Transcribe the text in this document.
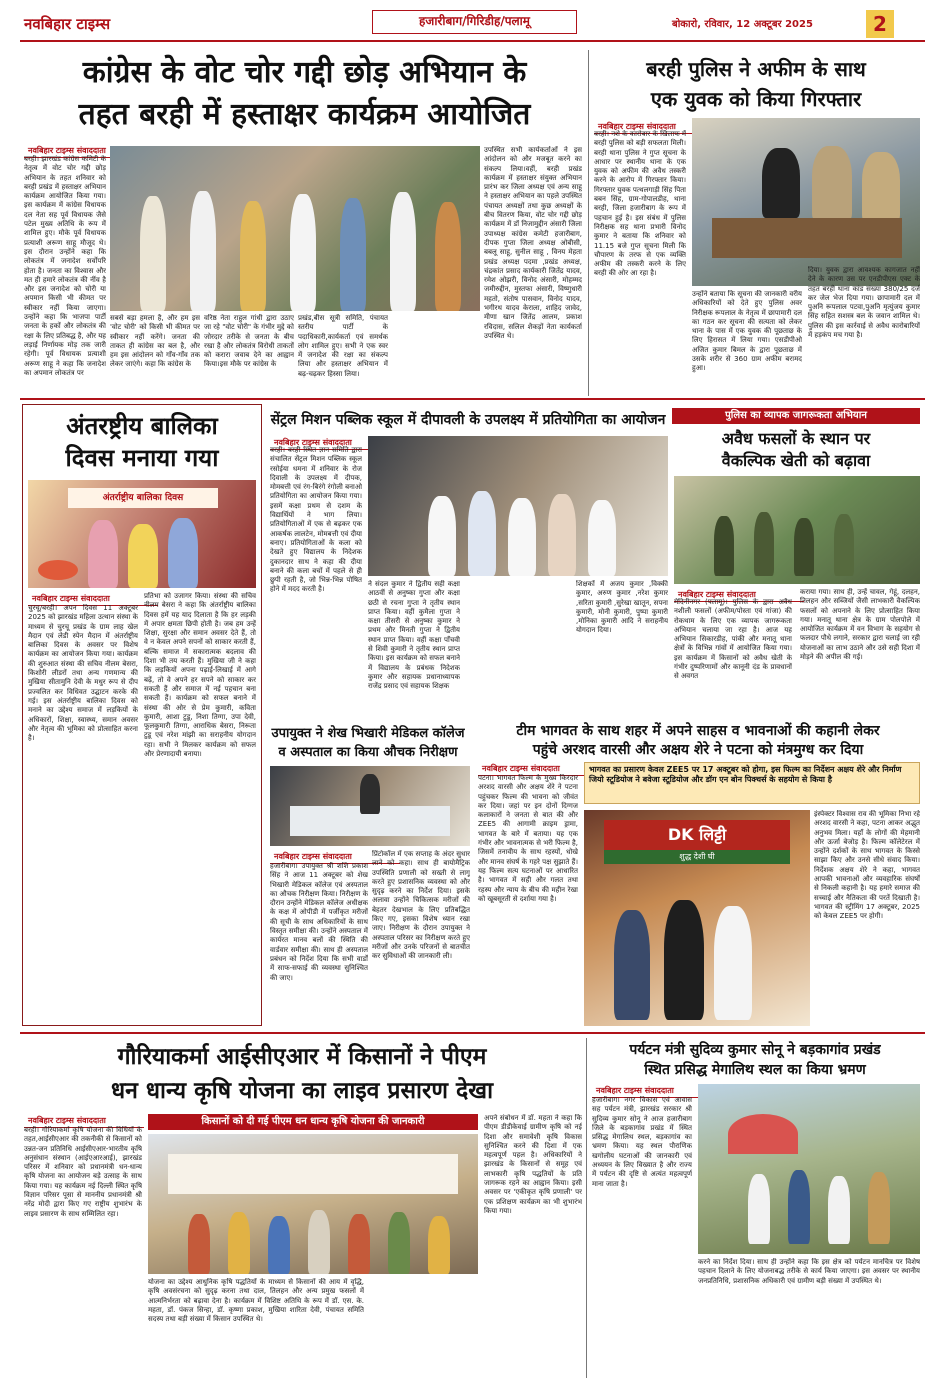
नवबिहार टाइम्स	हजारीबाग/गिरिडीह/पलामू	बोकारो, रविवार, 12 अक्टूबर 2025	2
कांग्रेस के वोट चोर गद्दी छोड़ अभियान के
तहत बरही में हस्ताक्षर कार्यक्रम आयोजित
नवबिहार टाइम्स संवाददाता
बरही। झारखंड कांग्रेस कमिटी के नेतृत्व में वोट चोर गद्दी छोड़ अभियान के तहत शनिवार को बरही प्रखंड में हस्ताक्षर अभियान कार्यक्रम आयोजित किया गया।इस कार्यक्रम में कांग्रेस विधायक दल नेता सह पूर्व विधायक जैसे पटेल मुख्य अतिथि के रूप में शामिल हुए। मौके पूर्व विधायक प्रत्याशी अरूण साहू मौजूद थे।इस दौरान उन्होंने कहा कि लोकतंत्र में जनादेश सर्वोपरि होता है। जनता का विश्वास और मत ही हमारे लोकतंत्र की नींव है और इस जनादेश को चोरी या अपमान किसी भी कीमत पर स्वीकार नहीं किया जाएगा। उन्होंने कहा कि भाजपा पार्टी जनता के हकों और लोकतंत्र की रक्षा के लिए प्रतिबद्ध है, और यह लड़ाई निर्णायक मोड़ तक जारी रहेगी। पूर्व विधायक प्रत्याशी अरूण साहू ने कहा कि जनादेश का अपमान लोकतंत्र पर
सबसे बड़ा हमला है, और हम इस 'वोट चोरी' को किसी भी कीमत पर स्वीकार नहीं करेंगे। जनता की ताकत ही कांग्रेस का बल है, और हम इस आंदोलन को गाँव-गाँव तक लेकर जाएंगे। कहा कि कांग्रेस के
वरिष्ठ नेता राहुल गांधी द्वारा उठाए जा रहे "वोट चोरी" के गंभीर मुद्दे को जोरदार तरीके से जनता के बीच रखा है और लोकतंत्र विरोधी ताकतों को करारा जवाब देने का आह्वान किया।इस मौके पर कांग्रेस के
प्रखंड,बीस सूत्री समिति, पंचायत स्तरीय पार्टी के पदाधिकारी,कार्यकर्ता एवं समर्थक लोग शामिल हुए। सभी ने एक स्वर में जनादेश की रक्षा का संकल्प लिया और हस्ताक्षर अभियान में बढ़-चढ़कर हिस्सा लिया।
उपस्थित सभी कार्यकर्ताओं ने इस आंदोलन को और मजबूत करने का संकल्प लिया।वहीं, बरही प्रखंड कार्यक्रम में हस्ताक्षर संयुक्त अभियान प्रारंभ कर जिला अध्यक्ष एवं अन्य साहू ने हस्ताक्षर अभियान का पहले उपस्थित पंचायत अध्यक्षों तथा कुछ अध्यक्षों के बीच वितरण किया, वोट चोर गद्दी छोड़ कार्यक्रम में डॉ निजामुद्दीन अंसारी जिला उपाध्यक्ष कांग्रेस कमेटी हजारीबाग, दीपक गुप्ता जिला अध्यक्ष ओबीसी, बबलू साहू, सुनील साहू , विनय मेहता प्रखंड अध्यक्ष पदमा ,प्रखंड अध्यक्ष, चंद्रकांत प्रसाद कार्यकारी जितेंद्र यादव, रमेश ओझरी, विनोद अंसारी, मोहम्मद जमीरुद्दीन, मुस्तफा अंसारी, विष्णुधारी महतो, संतोष पासवान, विनोद यादव, भगीरथ यादव केराला, शाहिद जावेद, मीणा खान जितेंद्र आलम, प्रकाश रविदास, सलिल शैकड़ों नेता कार्यकर्ता उपस्थित थे।
बरही पुलिस ने अफीम के साथ
एक युवक को किया गिरफ्तार
नवबिहार टाइम्स संवाददाता
बरही। नशे के कारोबार के खिलाफ में बरही पुलिस को बड़ी सफलता मिली।बरही थाना पुलिस ने गुप्त सूचना के आधार पर स्थानीय थाना के एक युवक को अफीम की अवैध तस्करी करने के आरोप में गिरफ्तार किया। गिरफ्तार युवक पत्थलगाड़ी सिंह पिता बबन सिंह, ग्राम-गोपालडीह, थाना बरही, जिला हजारीबाग के रूप में पहचान हुई है। इस संबंध में पुलिस निरीक्षक सह थाना प्रभारी विनोद कुमार ने बताया कि शनिवार को 11.15 बजे गुप्त सूचना मिली कि चौपारण के तरफ से एक व्यक्ति अफीम की तस्करी करने के लिए बरही की ओर आ रहा है।
उन्होंने बताया कि सूचना की जानकारी वरीय अधिकारियों को देते हुए पुलिस अवर निरीक्षक रूपलाल के नेतृत्व में छापामारी दल का गठन कर सूचना की सत्यता को लेकर थाना के पास में एक युवक की पूछताछ के लिए हिरासत में लिया गया। एसडीपीओ अजित कुमार बिमल के द्वारा पूछताछ में उसके शरीर से 360 ग्राम अफीम बरामद हुआ।
दिया। युवक द्वारा आवश्यक कागजात नहीं देने के कारण उस पर एनडीपीएस एक्ट के तहत बरही थाना कांड संख्या 380/25 दर्ज कर जेल भेज दिया गया। छापामारी दल में पुअनि रूपलाल पटवा,पुअनि मृत्युंजय कुमार सिंह सहित सशस्त्र बल के जवान शामिल थे। पुलिस की इस कार्रवाई से अवैध कारोबारियों में हड़कंप मच गया है।
अंतरष्ट्रीय बालिका
दिवस मनाया गया
अंतर्राष्ट्रीय बालिका दिवस
नवबिहार टाइम्स संवाददाता
चुरचू/बरही। अपन दिवस 11 अक्टूबर 2025 को झारखंड महिला उत्थान संस्था के माध्यम से चुरचू प्रखंड के ग्राम लाह खेल मैदान एवं लेडी स्पेन मैदान में अंतर्राष्ट्रीय बालिका दिवस के अवसर पर विशेष कार्यक्रम का आयोजन किया गया। कार्यक्रम की शुरुआत संस्था की सचिव नीलम बेसरा, किशोरी लीडरों तथा अन्य गणमान्य की मुखिया सीतामुनि देवी के मधुर रूप से दीप प्रज्वलित कर विधिवत उद्घाटन करके की गई। इस अंतर्राष्ट्रीय बालिका दिवस को मनाने का उद्देश्य समाज में लड़कियों के अधिकारों, शिक्षा, स्वास्थ्य, समान अवसर और नेतृत्व की भूमिका को प्रोत्साहित करना है।
प्रतिभा को उजागर किया। संस्था की सचिव नीलम बेसरा ने कहा कि अंतर्राष्ट्रीय बालिका दिवस हमें यह याद दिलाता है कि हर लड़की में अपार क्षमता छिपी होती है। जब हम उन्हें शिक्षा, सुरक्षा और समान अवसर देते हैं, तो वे न केवल अपने सपनों को साकार करती हैं, बल्कि समाज में सकारात्मक बदलाव की दिशा भी तय करती हैं। मुखिया जी ने कहा कि लड़कियों अपना पढ़ाई-लिखाई में आगे बढ़ें, तो वे अपने हर सपने को साकार कर सकती हैं और समाज में नई पहचान बना सकती हैं। कार्यक्रम को सफल बनाने में संस्था की ओर से प्रेम कुमारी, कविता कुमारी, आशा टुडू, निशा तिग्गा, उपा देवी, फूलकुमारी तिग्गा, आराधिक बेसरा, निरूता टुडू एवं नरेश मांझी का सराहनीय योगदान रहा। सभी ने मिलकर कार्यक्रम को सफल और प्रेरणादायी बनाया।
सेंट्रल मिशन पब्लिक स्कूल में दीपावली के उपलक्ष्य में प्रतियोगिता का आयोजन
नवबिहार टाइम्स संवाददाता
बरही। बरही स्थित ज्ञान समिति द्वारा संचालित सेंट्रल मिशन पब्लिक स्कूल रसोईया धमना में शनिवार के रोज दिवाली के उपलक्ष्य में दीपक, मोमबत्ती एवं रंग-बिरंगे रंगोली बनाओ प्रतियोगिता का आयोजन किया गया। इसमें कक्षा प्रथम से दशम के विद्यार्थियों ने भाग लिया। प्रतियोगिताओं में एक से बढ़कर एक आकर्षक लालटेन, मोमबत्ती एवं दीया बनाए। प्रतियोगिताओं के कला को देखते हुए विद्यालय के निदेशक दुकानदार साथ ने कहा की दीया बनाने की कला बचों में पहले से ही छुपी रहती है, जो भिन्न-भिन्न पोषित होने में मदद करती है।
ने संदल कुमार ने द्वितीय सही कक्षा आठवीं से अनुष्का गुप्ता और कक्षा छठी से रचना गुप्ता ने तृतीय स्थान प्राप्त किया। वहीं कुमैला गुप्ता ने कक्षा तीसरी से अनुष्का कुमार ने प्रथम और मिनती गुप्ता ने द्वितीय स्थान प्राप्त किया। वहीं कक्षा पाँचवी से शिवी कुमारी ने तृतीय स्थान प्राप्त किया। इस कार्यक्रम को सफल बनाने में विद्यालय के प्रबंधक निदेशक कुमार और सहायक प्रधानाध्यापक राजेंद्र प्रसाद एवं सहायक शिक्षक
शिक्षकों में अजय कुमार ,विक्की कुमार, अरुण कुमार ,नरेश कुमार ,सरिता कुमारी ,सुरेखा खातून, सपना कुमारी, मोनी कुमारी, पुष्पा कुमारी ,मोनिका कुमारी आदि ने सराहनीय योगदान दिया।
पुलिस का व्यापक जागरूकता अभियान
अवैध फसलों के स्थान पर
वैकल्पिक खेती को बढ़ावा
नवबिहार टाइम्स संवाददाता
मेदिनीनगर (पलामू)। पुलिस के द्वारा अवैध नशीली फसलों (अफीम/पोस्ता एवं गांजा) की रोकथाम के लिए एक व्यापक जागरूकता अभियान चलाया जा रहा है। आज यह अभियान सिकारडीह, पांकी और मनातू थाना क्षेत्रों के विभिन्न गांवों में आयोजित किया गया। इस कार्यक्रम में किसानों को अवैध खेती के गंभीर दुष्परिणामों और कानूनी दंड के प्रावधानों से अवगत
कराया गया। साथ ही, उन्हें चावल, गेहूं, दलहन, तिलहन और सब्जियों जैसी लाभकारी वैकल्पिक फसलों को अपनाने के लिए प्रोत्साहित किया गया। मनातू थाना क्षेत्र के ग्राम पोलपोले में आयोजित कार्यक्रम में वन विभाग के सहयोग से फलदार पौधे लगाने, सरकार द्वारा चलाई जा रही योजनाओं का लाभ उठाने और उसे सही दिशा में मोड़ने की अपील की गई।
उपायुक्त ने शेख भिखारी मेडिकल कॉलेज
व अस्पताल का किया औचक निरीक्षण
नवबिहार टाइम्स संवाददाता
हजारीबाग। उपायुक्त श्री शशि प्रकाश सिंह ने आज 11 अक्टूबर को शेख भिखारी मेडिकल कॉलेज एवं अस्पताल का औचक निरीक्षण किया। निरीक्षण के दौरान उन्होंने मेडिकल कॉलेज अधीक्षक के कक्ष में ओपीडी में पर्जीकृत मरीजों की सूची के साथ अधिकारियों के साथ विस्तृत समीक्षा की। उन्होंने अस्पताल में कार्यरत मानव बलों की स्थिति की वार्डवार समीक्षा की। साथ ही अस्पताल प्रबंधन को निर्देश दिया कि सभी वार्डों में साफ-सफाई की व्यवस्था सुनिश्चित की जाए।
प्रिंटोकॉल में एक सप्ताह के अंदर सुधार लाने को कहा। साथ ही बायोमैट्रिक उपस्थिति प्रणाली को सख्ती से लागू करते हुए प्रशासनिक व्यवस्था को और सुदृढ़ करने का निर्देश दिया। इसके अलावा उन्होंने चिकित्सक मरीजों की बेहतर देखभाल के लिए प्रतिबद्धित किए गए, इसका विशेष ध्यान रखा जाए। निरीक्षण के दौरान उपायुक्त ने अस्पताल परिसर का निरीक्षण करते हुए मरीजों और उनके परिजनों से बातचीत कर सुविधाओं की जानकारी ली।
टीम भागवत के साथ शहर में अपने साहस व भावनाओं की कहानी लेकर
पहुंचे अरशद वारसी और अक्षय शेरे ने पटना को मंत्रमुग्ध कर दिया
नवबिहार टाइम्स संवाददाता
पटना। भागवत फिल्म के मुख्य किरदार अरशद वारसी और अक्षय शेरे ने पटना पहुंचकर फिल्म की भावना को जीवंत कर दिया। जहां पर इन दोनों दिग्गज कलाकारों ने जनता से बात की और ZEE5 की आगामी क्राइम ड्रामा, भागवत के बारे में बताया। यह एक गंभीर और भावनात्मक से भरी फिल्म है, जिसमें तनावीय के साथ रहस्यों, धोखे और मानव संघर्ष के गहरे पक्ष सुझाते हैं। यह फिल्म सत्य घटनाओं पर आधारित है। भागवत में सही और गलत तथा रहस्य और न्याय के बीच की महीन रेखा को खूबसूरती से दर्शाया गया है।
भागवत का प्रसारण केवल ZEE5 पर 17 अक्टूबर को होगा, इस फिल्म का निर्देशन अक्षय शेरे और निर्माण जियो स्टूडियोज ने बवेजा स्टूडियोज और डॉग एन बोन पिक्चर्स के सहयोग से किया है
DK लिट्टी
शुद्ध देशी घी
इंस्पेक्टर विश्वास राव की भूमिका निभा रहे अरशद वारसी ने कहा, पटना आकर अद्भुत अनुभव मिला। यहाँ के लोगों की मेहमानी और ऊर्जा बेजोड़ है। फिल्म कॉलेटेरल में उन्होंने दर्शकों के साथ भागवत के किस्से साझा किए और उनसे सीधे संवाद किया। निर्देशक अक्षय शेरे ने कहा, भागवत आपकी भावनाओं और व्यवहारिक संघर्षों से निकली कहानी है। यह हमारे समाज की सच्चाई और नैतिकता की परतें दिखाती है। भागवत की स्ट्रीमिंग 17 अक्टूबर, 2025 को केवल ZEE5 पर होगी।
गौरियाकर्मा आईसीएआर में किसानों ने पीएम
धन धान्य कृषि योजना का लाइव प्रसारण देखा
नवबिहार टाइम्स संवाददाता
बरही। गौरियाकर्मा कृषि योजना की विधियों के तहत,आईसीएआर की तकनीकी से किसानों को उन्नत-जन प्रतिनिधि आईसीएआर-भारतीय कृषि अनुसंधान संस्थान (आईएआरआई), झारखंड परिसर में शनिवार को प्रधानमंत्री धन-धान्य कृषि योजना का आयोजन बड़े उत्साह के साथ किया गया। यह कार्यक्रम नई दिल्ली स्थित कृषि विज्ञान परिसर पूसा से माननीय प्रधानमंत्री श्री नरेंद्र मोदी द्वारा किए गए राष्ट्रीय शुभारंभ के लाइव प्रसारण के साथ सम्मिलित रहा।
किसानों को दी गई पीएम धन धान्य कृषि योजना की जानकारी
योजना का उद्देश्य आधुनिक कृषि पद्धतियों के माध्यम से किसानों की आय में वृद्धि, कृषि अवसंरचना को सुदृढ़ करना तथा दाल, तिलहन और अन्य प्रमुख फसलों में आत्मनिर्भरता को बढ़ावा देना है। कार्यक्रम में विशिष्ट अतिथि के रूप में डॉ. एस. के. महता, डॉ. पंकज सिन्हा, डॉ. कृष्णा प्रकाश, मुखिया शारिता देवी, पंचायत समिति सदस्य तथा बड़ी संख्या में किसान उपस्थित थे।
अपने संबोधन में डॉ. महता ने कहा कि पीएम डीडीकेवाई ग्रामीण कृषि को नई दिशा और समावेशी कृषि विकास सुनिश्चित करने की दिशा में एक महत्वपूर्ण पहल है। अधिकारियों ने झारखंड के किसानों से समूह एवं लाभकारी कृषि पद्धतियों के प्रति जागरूक रहने का आह्वान किया। इसी अवसर पर 'एकीकृत कृषि प्रणाली' पर एक प्रशिक्षण कार्यक्रम का भी शुभारंभ किया गया।
पर्यटन मंत्री सुदिव्य कुमार सोनू ने बड़कागांव प्रखंड
स्थित प्रसिद्ध मेगालिथ स्थल का किया भ्रमण
नवबिहार टाइम्स संवाददाता
हजारीबाग। नगर विकास एवं आवास सह पर्यटन मंत्री, झारखंड सरकार श्री सुदिव्य कुमार सोनू ने आज हजारीबाग जिले के बड़कागांव प्रखंड में स्थित प्रसिद्ध मेगालिथ स्थल, बड़कागांव का भ्रमण किया। यह स्थल पौराणिक खगोलीय घटनाओं की जानकारी एवं अध्ययन के लिए विख्यात है और राज्य में पर्यटन की दृष्टि से अत्यंत महत्वपूर्ण माना जाता है।
करने का निर्देश दिया। साथ ही उन्होंने कहा कि इस क्षेत्र को पर्यटन मानचित्र पर विशेष पहचान दिलाने के लिए योजनाबद्ध तरीके से कार्य किया जाएगा। इस अवसर पर स्थानीय जनप्रतिनिधि, प्रशासनिक अधिकारी एवं ग्रामीण बड़ी संख्या में उपस्थित थे।
